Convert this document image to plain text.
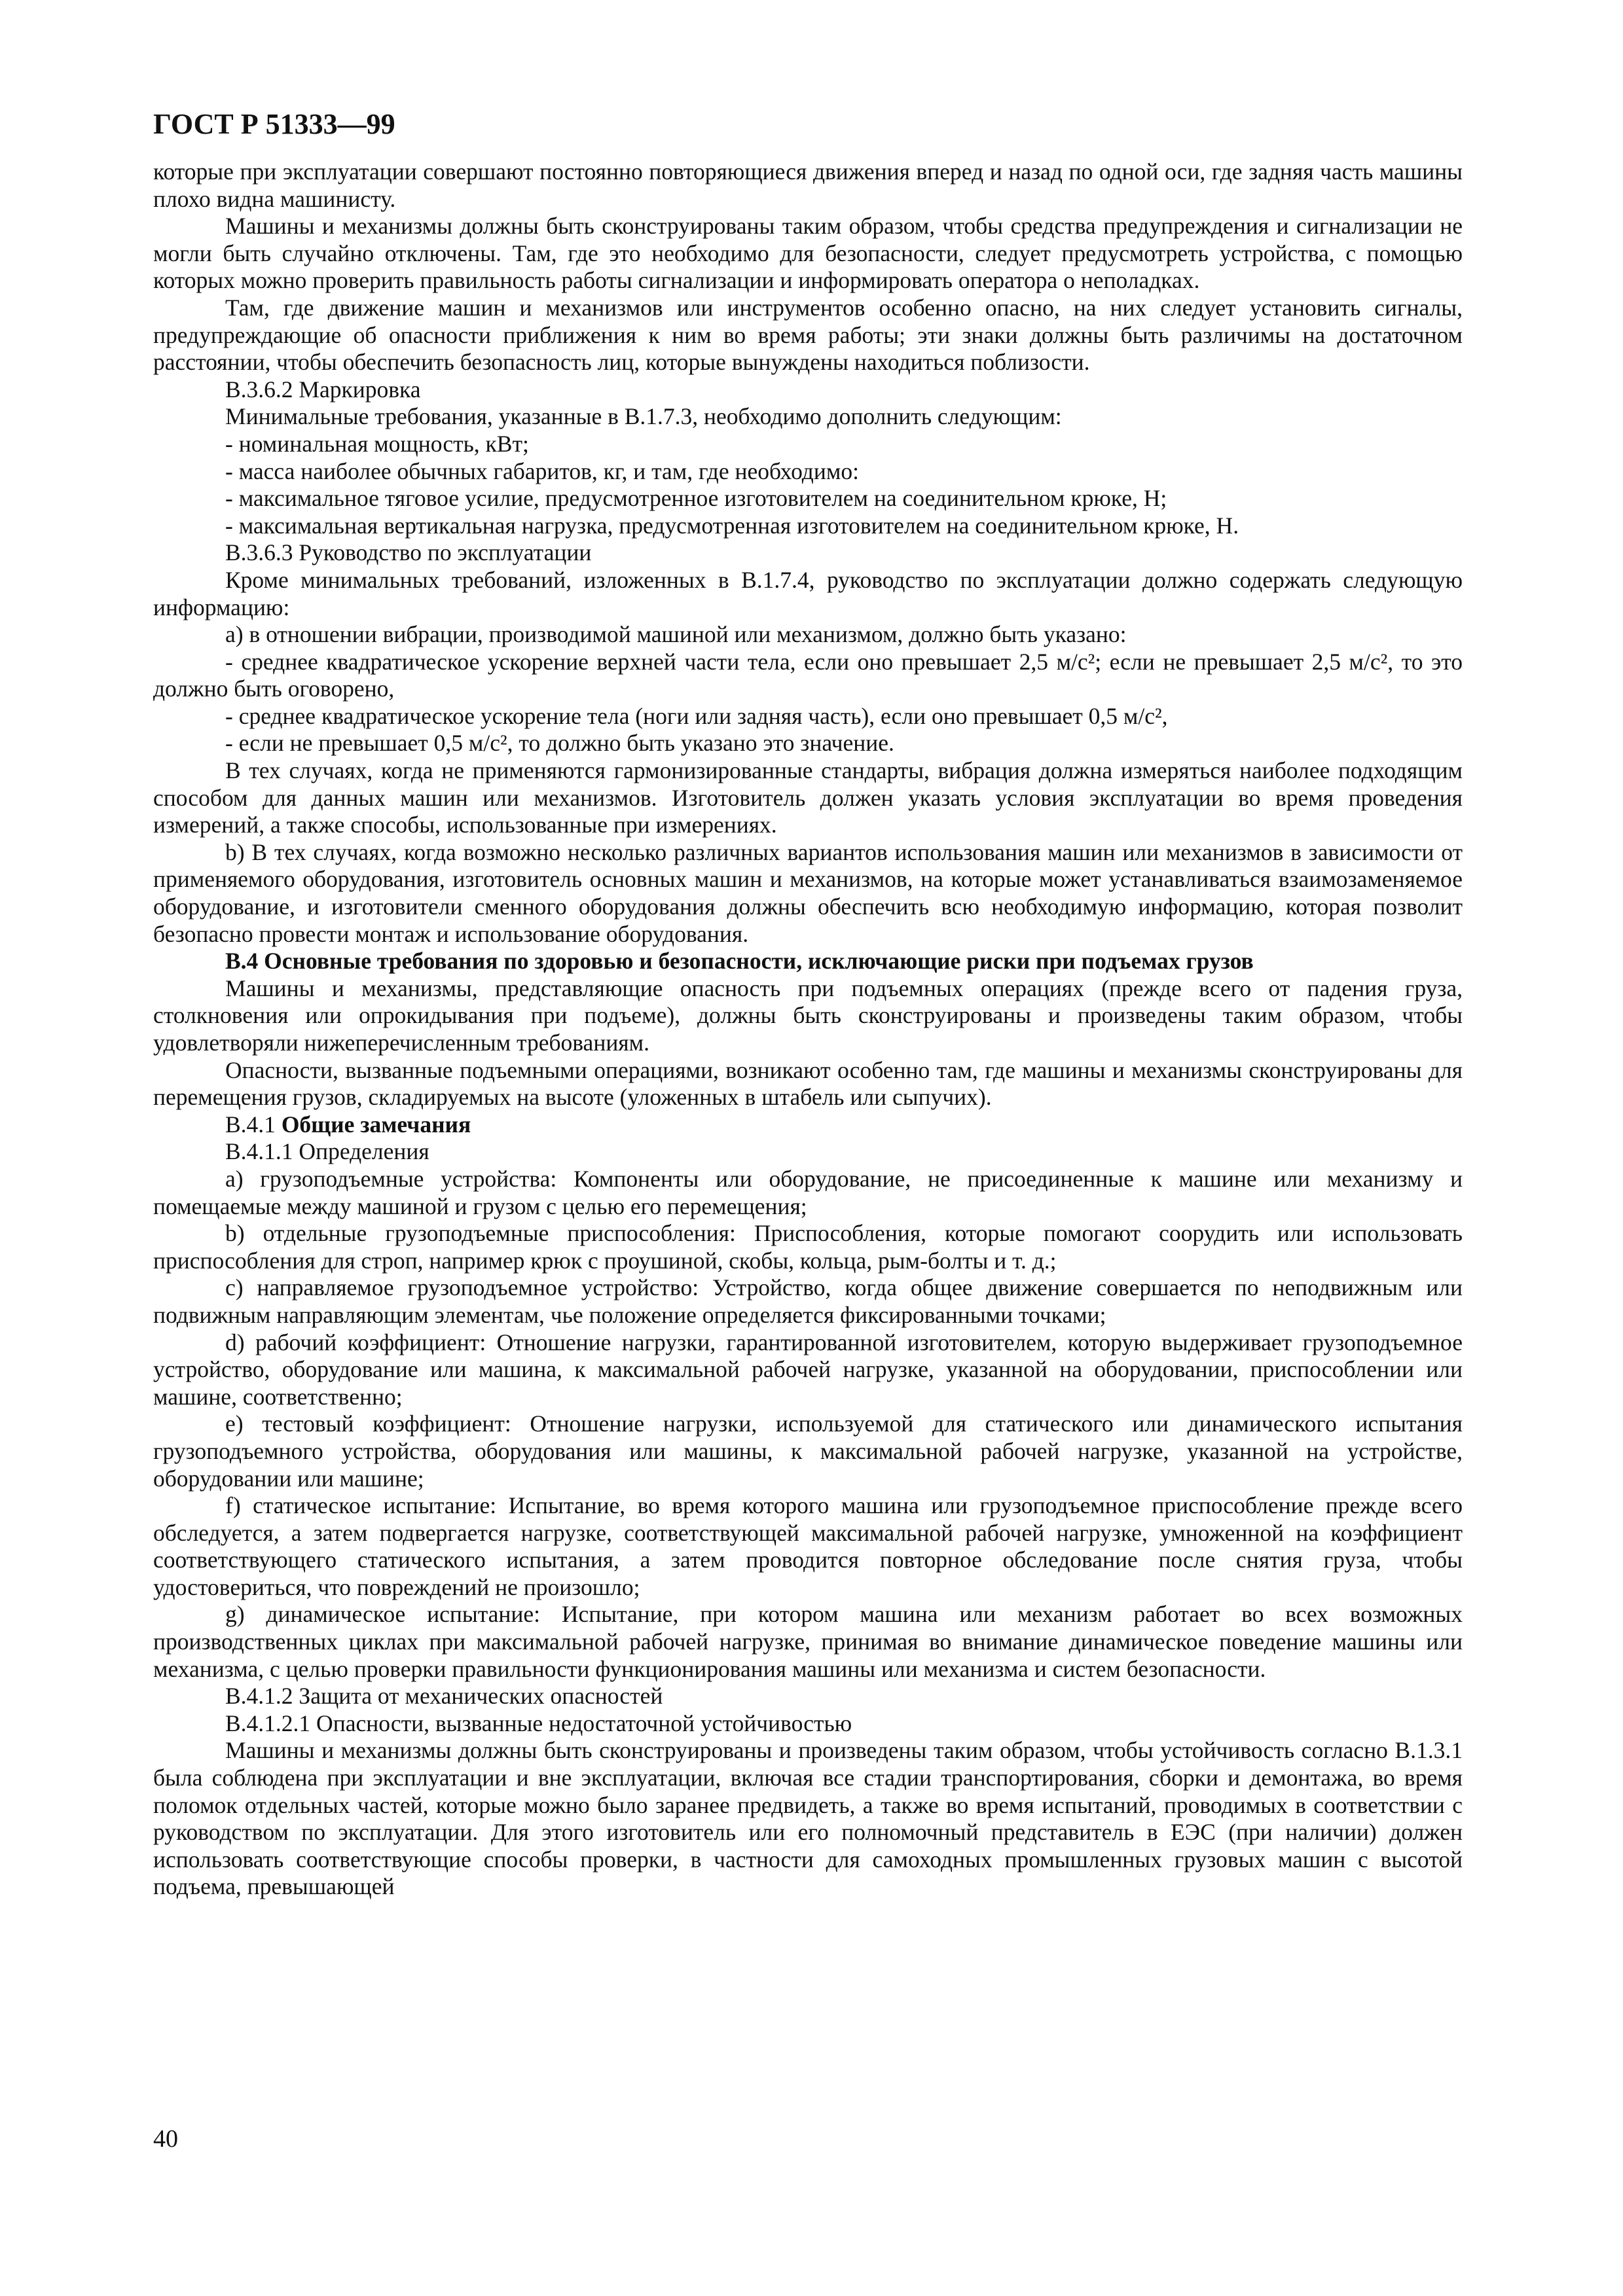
ГОСТ Р 51333—99

которые при эксплуатации совершают постоянно повторяющиеся движения вперед и назад по одной оси, где задняя часть машины плохо видна машинисту.

Машины и механизмы должны быть сконструированы таким образом, чтобы средства предупреждения и сигнализации не могли быть случайно отключены. Там, где это необходимо для безопасности, следует предусмотреть устройства, с помощью которых можно проверить правильность работы сигнализации и информировать оператора о неполадках.

Там, где движение машин и механизмов или инструментов особенно опасно, на них следует установить сигналы, предупреждающие об опасности приближения к ним во время работы; эти знаки должны быть различимы на достаточном расстоянии, чтобы обеспечить безопасность лиц, которые вынуждены находиться поблизости.

В.3.6.2 Маркировка

Минимальные требования, указанные в В.1.7.3, необходимо дополнить следующим:

- номинальная мощность, кВт;

- масса наиболее обычных габаритов, кг, и там, где необходимо:

- максимальное тяговое усилие, предусмотренное изготовителем на соединительном крюке, Н;

- максимальная вертикальная нагрузка, предусмотренная изготовителем на соединительном крюке, Н.

В.3.6.3 Руководство по эксплуатации

Кроме минимальных требований, изложенных в В.1.7.4, руководство по эксплуатации должно содержать следующую информацию:

а) в отношении вибрации, производимой машиной или механизмом, должно быть указано:

- среднее квадратическое ускорение верхней части тела, если оно превышает 2,5 м/с²; если не превышает 2,5 м/с², то это должно быть оговорено,

- среднее квадратическое ускорение тела (ноги или задняя часть), если оно превышает 0,5 м/с²,

- если не превышает 0,5 м/с², то должно быть указано это значение.

В тех случаях, когда не применяются гармонизированные стандарты, вибрация должна измеряться наиболее подходящим способом для данных машин или механизмов. Изготовитель должен указать условия эксплуатации во время проведения измерений, а также способы, использованные при измерениях.

b) В тех случаях, когда возможно несколько различных вариантов использования машин или механизмов в зависимости от применяемого оборудования, изготовитель основных машин и механизмов, на которые может устанавливаться взаимозаменяемое оборудование, и изготовители сменного оборудования должны обеспечить всю необходимую информацию, которая позволит безопасно провести монтаж и использование оборудования.

В.4 Основные требования по здоровью и безопасности, исключающие риски при подъемах грузов

Машины и механизмы, представляющие опасность при подъемных операциях (прежде всего от падения груза, столкновения или опрокидывания при подъеме), должны быть сконструированы и произведены таким образом, чтобы удовлетворяли нижеперечисленным требованиям.

Опасности, вызванные подъемными операциями, возникают особенно там, где машины и механизмы сконструированы для перемещения грузов, складируемых на высоте (уложенных в штабель или сыпучих).

В.4.1 Общие замечания

В.4.1.1 Определения

а) грузоподъемные устройства: Компоненты или оборудование, не присоединенные к машине или механизму и помещаемые между машиной и грузом с целью его перемещения;

b) отдельные грузоподъемные приспособления: Приспособления, которые помогают соорудить или использовать приспособления для строп, например крюк с проушиной, скобы, кольца, рым-болты и т. д.;

с) направляемое грузоподъемное устройство: Устройство, когда общее движение совершается по неподвижным или подвижным направляющим элементам, чье положение определяется фиксированными точками;

d) рабочий коэффициент: Отношение нагрузки, гарантированной изготовителем, которую выдерживает грузоподъемное устройство, оборудование или машина, к максимальной рабочей нагрузке, указанной на оборудовании, приспособлении или машине, соответственно;

е) тестовый коэффициент: Отношение нагрузки, используемой для статического или динамического испытания грузоподъемного устройства, оборудования или машины, к максимальной рабочей нагрузке, указанной на устройстве, оборудовании или машине;

f) статическое испытание: Испытание, во время которого машина или грузоподъемное приспособление прежде всего обследуется, а затем подвергается нагрузке, соответствующей максимальной рабочей нагрузке, умноженной на коэффициент соответствующего статического испытания, а затем проводится повторное обследование после снятия груза, чтобы удостовериться, что повреждений не произошло;

g) динамическое испытание: Испытание, при котором машина или механизм работает во всех возможных производственных циклах при максимальной рабочей нагрузке, принимая во внимание динамическое поведение машины или механизма, с целью проверки правильности функционирования машины или механизма и систем безопасности.

В.4.1.2 Защита от механических опасностей

В.4.1.2.1 Опасности, вызванные недостаточной устойчивостью

Машины и механизмы должны быть сконструированы и произведены таким образом, чтобы устойчивость согласно В.1.3.1 была соблюдена при эксплуатации и вне эксплуатации, включая все стадии транспортирования, сборки и демонтажа, во время поломок отдельных частей, которые можно было заранее предвидеть, а также во время испытаний, проводимых в соответствии с руководством по эксплуатации. Для этого изготовитель или его полномочный представитель в ЕЭС (при наличии) должен использовать соответствующие способы проверки, в частности для самоходных промышленных грузовых машин с высотой подъема, превышающей

40
